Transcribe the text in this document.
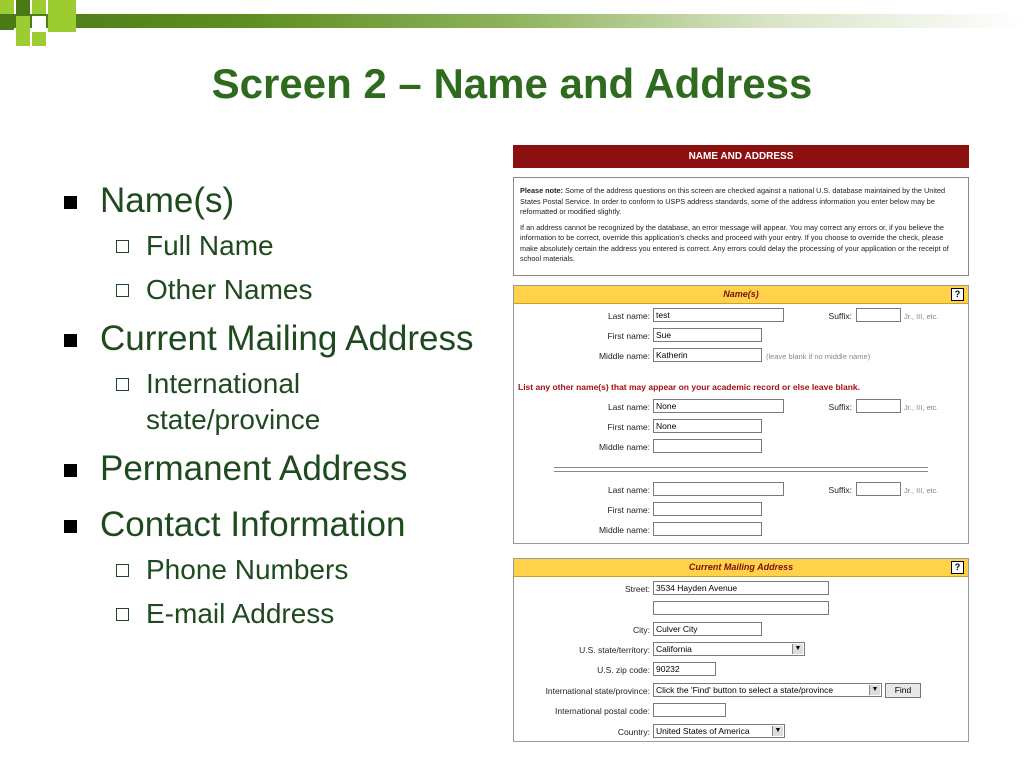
Screen 2 – Name and Address
Name(s)
Full Name
Other Names
Current Mailing Address
International state/province
Permanent Address
Contact Information
Phone Numbers
E-mail Address
NAME AND ADDRESS
Please note: Some of the address questions on this screen are checked against a national U.S. database maintained by the United States Postal Service. In order to conform to USPS address standards, some of the address information you enter below may be reformatted or modified slightly.
If an address cannot be recognized by the database, an error message will appear. You may correct any errors or, if you believe the information to be correct, override this application's checks and proceed with your entry. If you choose to override the check, please make absolutely certain the address you entered is correct. Any errors could delay the processing of your application or the receipt of school materials.
Name(s)	?
Last name: test	Suffix:	Jr., III, etc.
First name: Sue
Middle name: Katherin	(leave blank if no middle name)
List any other name(s) that may appear on your academic record or else leave blank.
Last name: None	Suffix:	Jr., III, etc.
First name: None
Middle name:
Last name:	Suffix:	Jr., III, etc.
First name:
Middle name:
Current Mailing Address	?
Street: 3534 Hayden Avenue
City: Culver City
U.S. state/territory: California	▼
U.S. zip code: 90232
International state/province: Click the 'Find' button to select a state/province	▼	Find
International postal code:
Country: United States of America	▼
